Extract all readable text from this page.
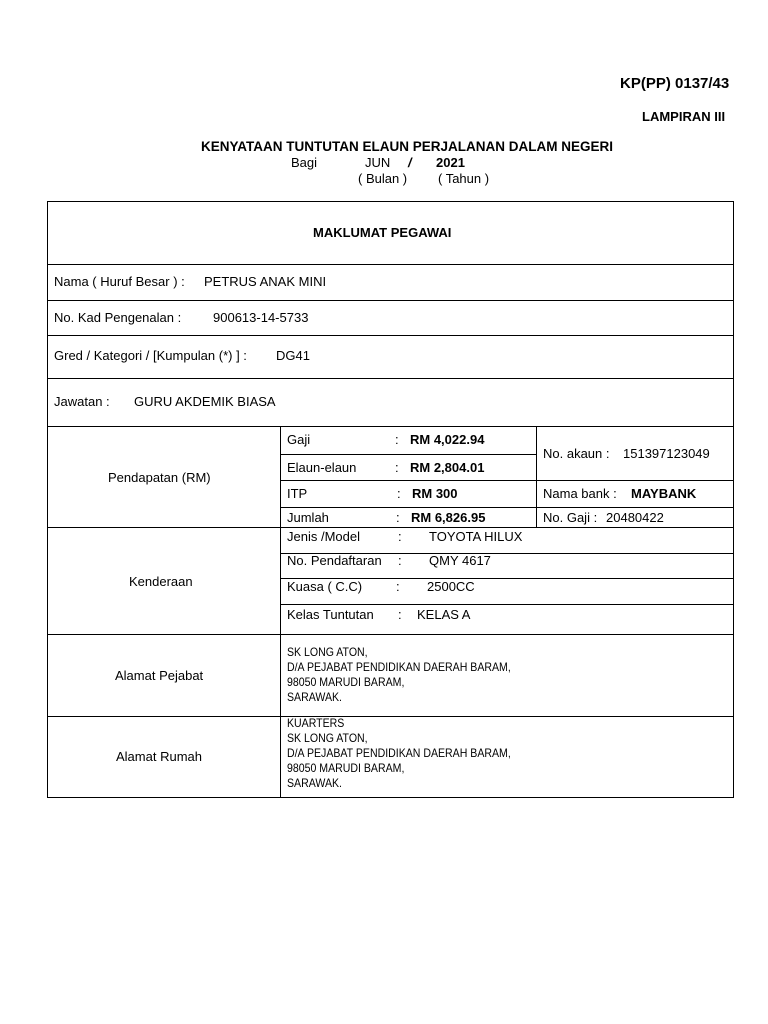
KP(PP) 0137/43
LAMPIRAN III
KENYATAAN TUNTUTAN ELAUN PERJALANAN DALAM NEGERI
Bagi	JUN / 2021
( Bulan ) ( Tahun )
MAKLUMAT PEGAWAI
Nama ( Huruf Besar ) : PETRUS ANAK MINI
No. Kad Pengenalan : 900613-14-5733
Gred / Kategori / [Kumpulan (*) ] : DG41
Jawatan : GURU AKDEMIK BIASA
Pendapatan (RM)
Gaji	: RM 4,022.94
Elaun-elaun	: RM 2,804.01
ITP	: RM 300
Jumlah	: RM 6,826.95
No. akaun : 151397123049
Nama bank : MAYBANK
No. Gaji : 20480422
Kenderaan
Jenis /Model	: TOYOTA HILUX
No. Pendaftaran : QMY 4617
Kuasa ( C.C)	: 2500CC
Kelas Tuntutan : KELAS A
Alamat Pejabat
SK LONG ATON,
D/A PEJABAT PENDIDIKAN DAERAH BARAM,
98050 MARUDI BARAM,
SARAWAK.
Alamat Rumah
KUARTERS
SK LONG ATON,
D/A PEJABAT PENDIDIKAN DAERAH BARAM,
98050 MARUDI BARAM,
SARAWAK.
